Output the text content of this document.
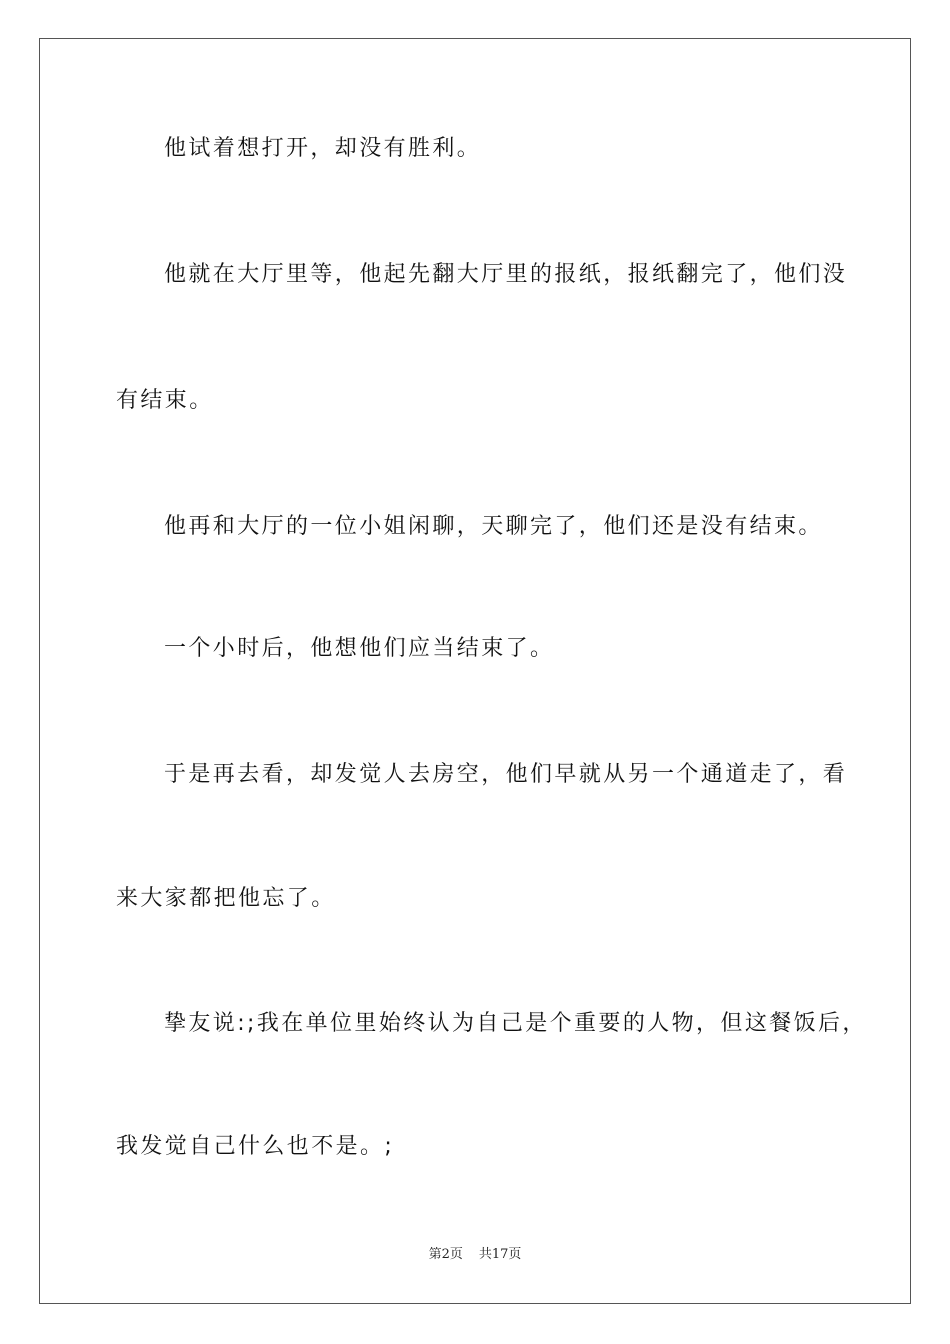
他试着想打开，却没有胜利。
他就在大厅里等，他起先翻大厅里的报纸，报纸翻完了，他们没
有结束。
他再和大厅的一位小姐闲聊，天聊完了，他们还是没有结束。
一个小时后，他想他们应当结束了。
于是再去看，却发觉人去房空，他们早就从另一个通道走了，看
来大家都把他忘了。
挚友说:;我在单位里始终认为自己是个重要的人物，但这餐饭后，
我发觉自己什么也不是。;
第2页 共17页
